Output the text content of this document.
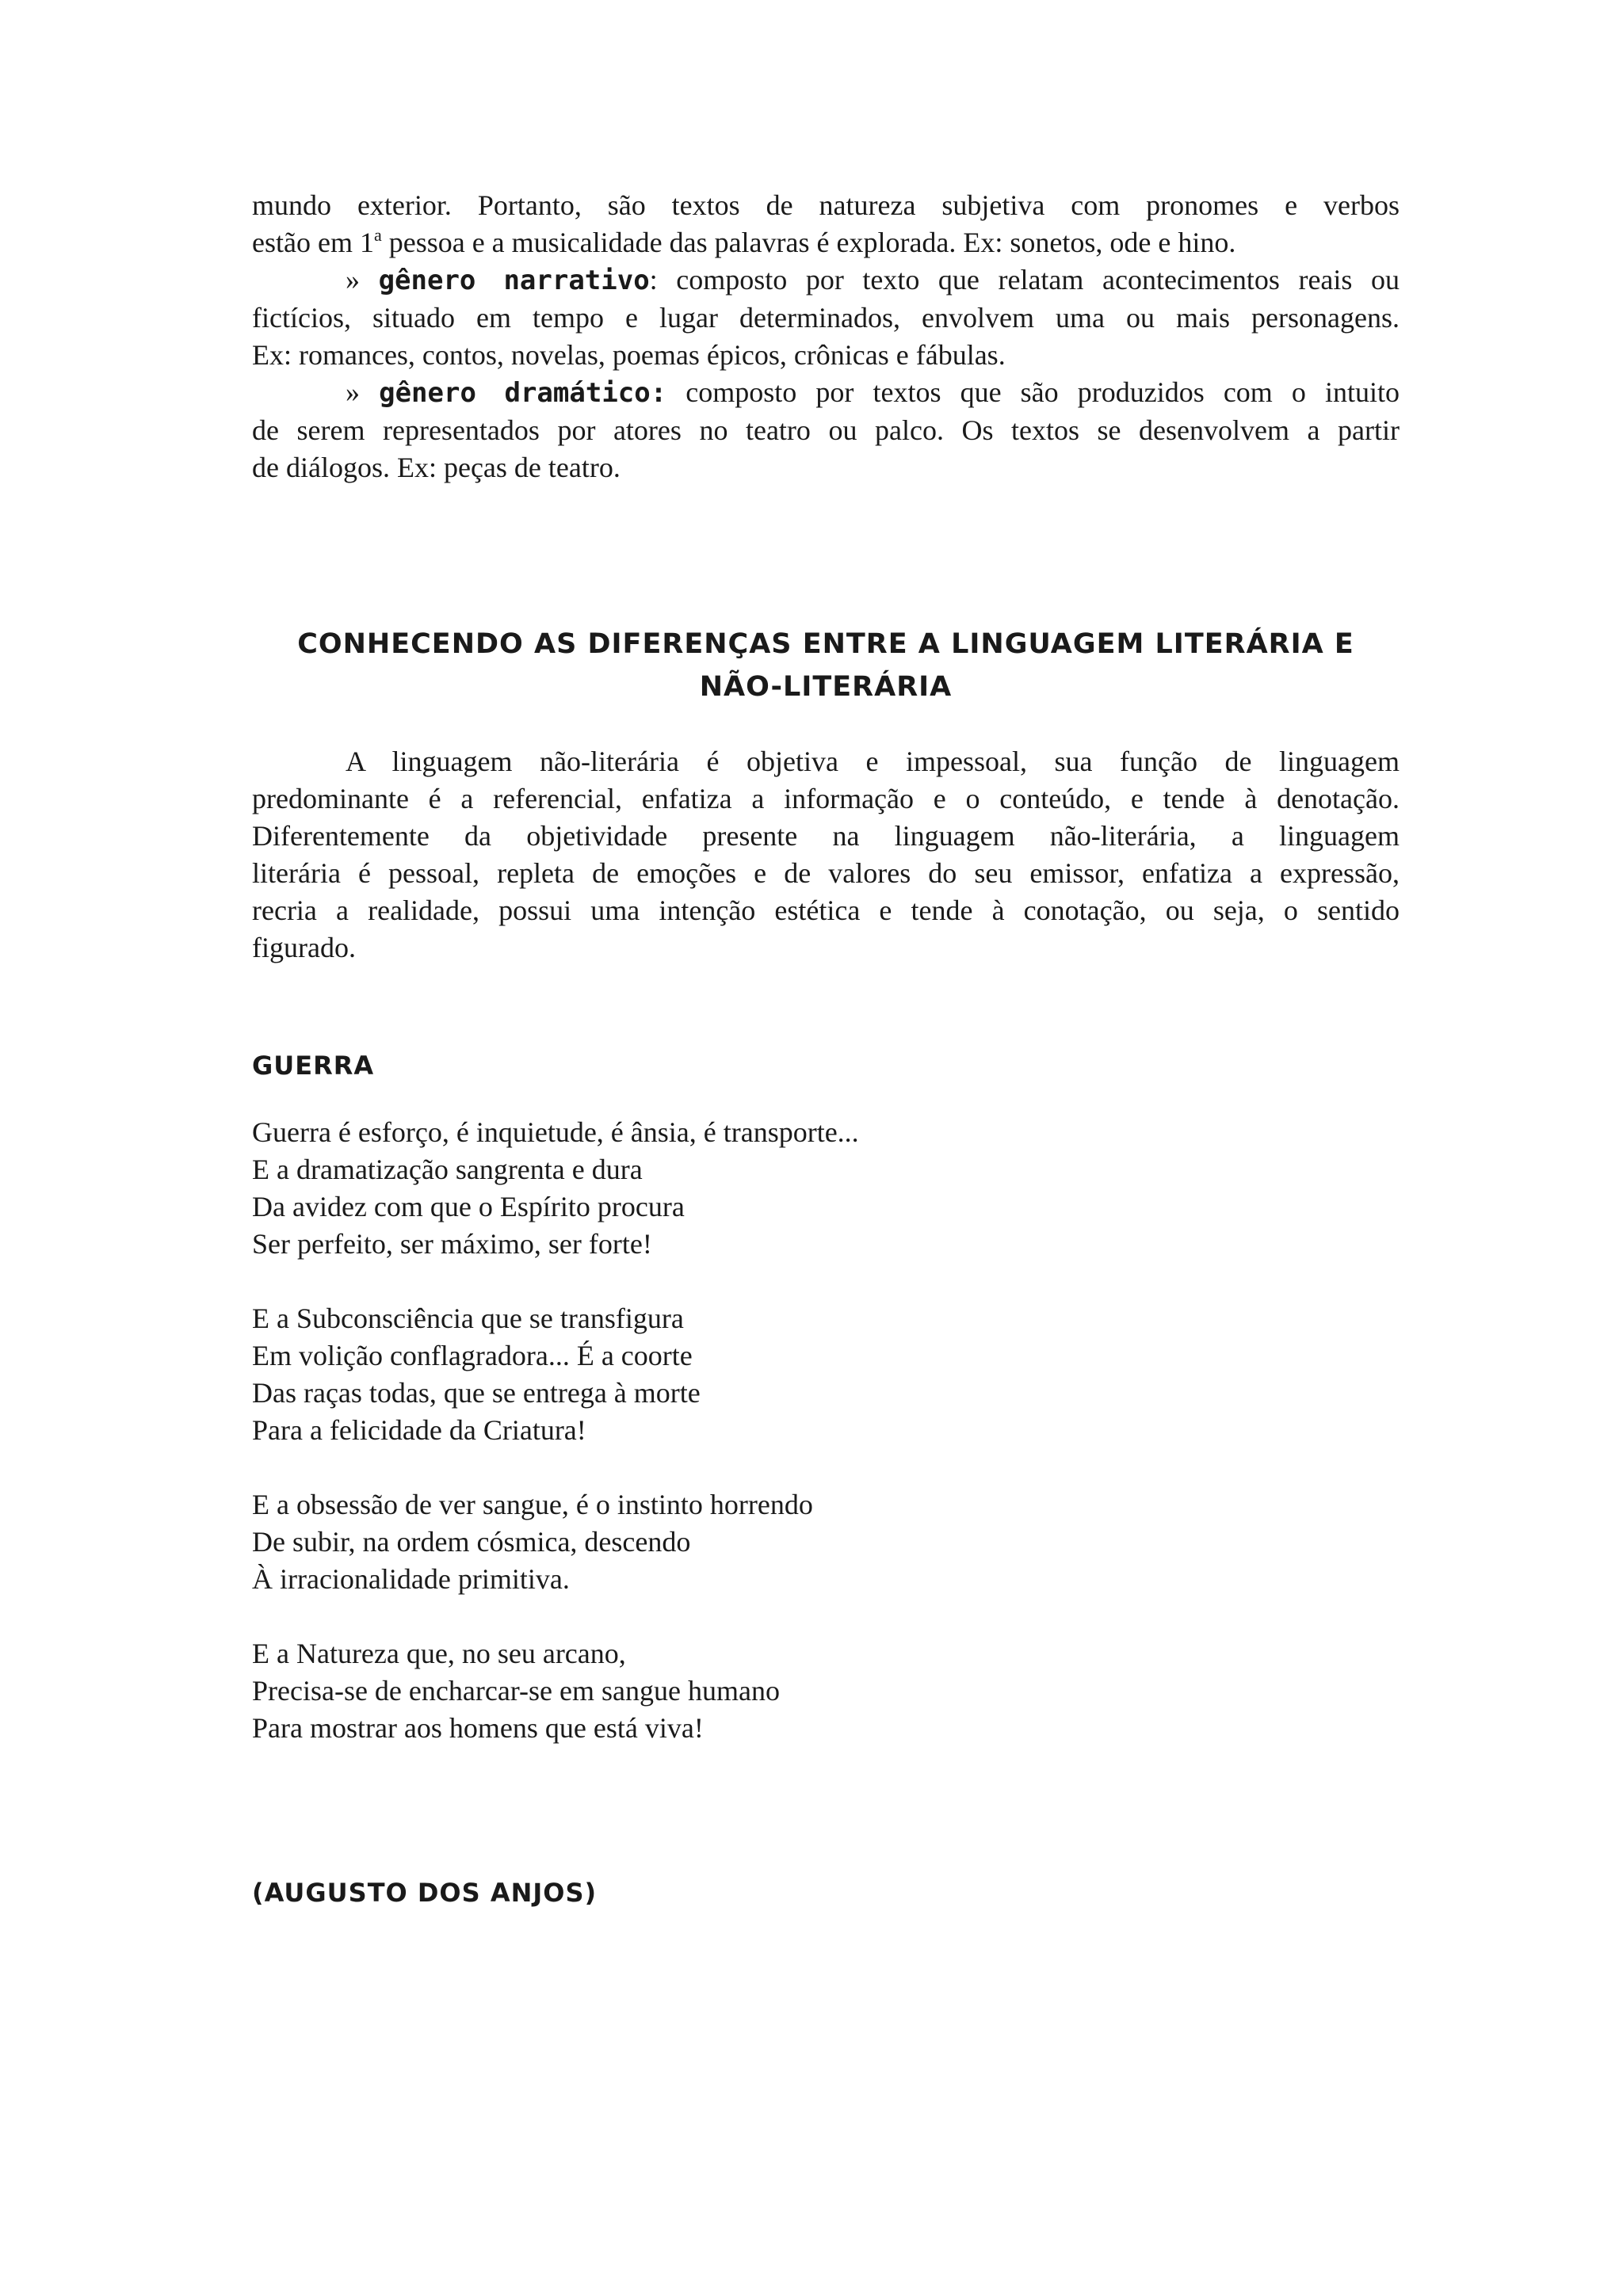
mundo exterior. Portanto, são textos de natureza subjetiva com pronomes e verbos
estão em 1$^a$ pessoa e a musicalidade das palavras é explorada. Ex: sonetos, ode e hino.

» gênero narrativo: composto por texto que relatam acontecimentos reais ou
fictícios, situado em tempo e lugar determinados, envolvem uma ou mais personagens.
Ex: romances, contos, novelas, poemas épicos, crônicas e fábulas.

» gênero dramático: composto por textos que são produzidos com o intuito
de serem representados por atores no teatro ou palco. Os textos se desenvolvem a partir
de diálogos. Ex: peças de teatro.

CONHECENDO AS DIFERENÇAS ENTRE A LINGUAGEM LITERÁRIA E
NÃO-LITERÁRIA

A linguagem não-literária é objetiva e impessoal, sua função de linguagem
predominante é a referencial, enfatiza a informação e o conteúdo, e tende à denotação.
Diferentemente da objetividade presente na linguagem não-literária, a linguagem
literária é pessoal, repleta de emoções e de valores do seu emissor, enfatiza a expressão,
recria a realidade, possui uma intenção estética e tende à conotação, ou seja, o sentido
figurado.

GUERRA

Guerra é esforço, é inquietude, é ânsia, é transporte...
E a dramatização sangrenta e dura
Da avidez com que o Espírito procura
Ser perfeito, ser máximo, ser forte!

E a Subconsciência que se transfigura
Em volição conflagradora... É a coorte
Das raças todas, que se entrega à morte
Para a felicidade da Criatura!

E a obsessão de ver sangue, é o instinto horrendo
De subir, na ordem cósmica, descendo
À irracionalidade primitiva.

E a Natureza que, no seu arcano,
Precisa-se de encharcar-se em sangue humano
Para mostrar aos homens que está viva!

(AUGUSTO DOS ANJOS)
